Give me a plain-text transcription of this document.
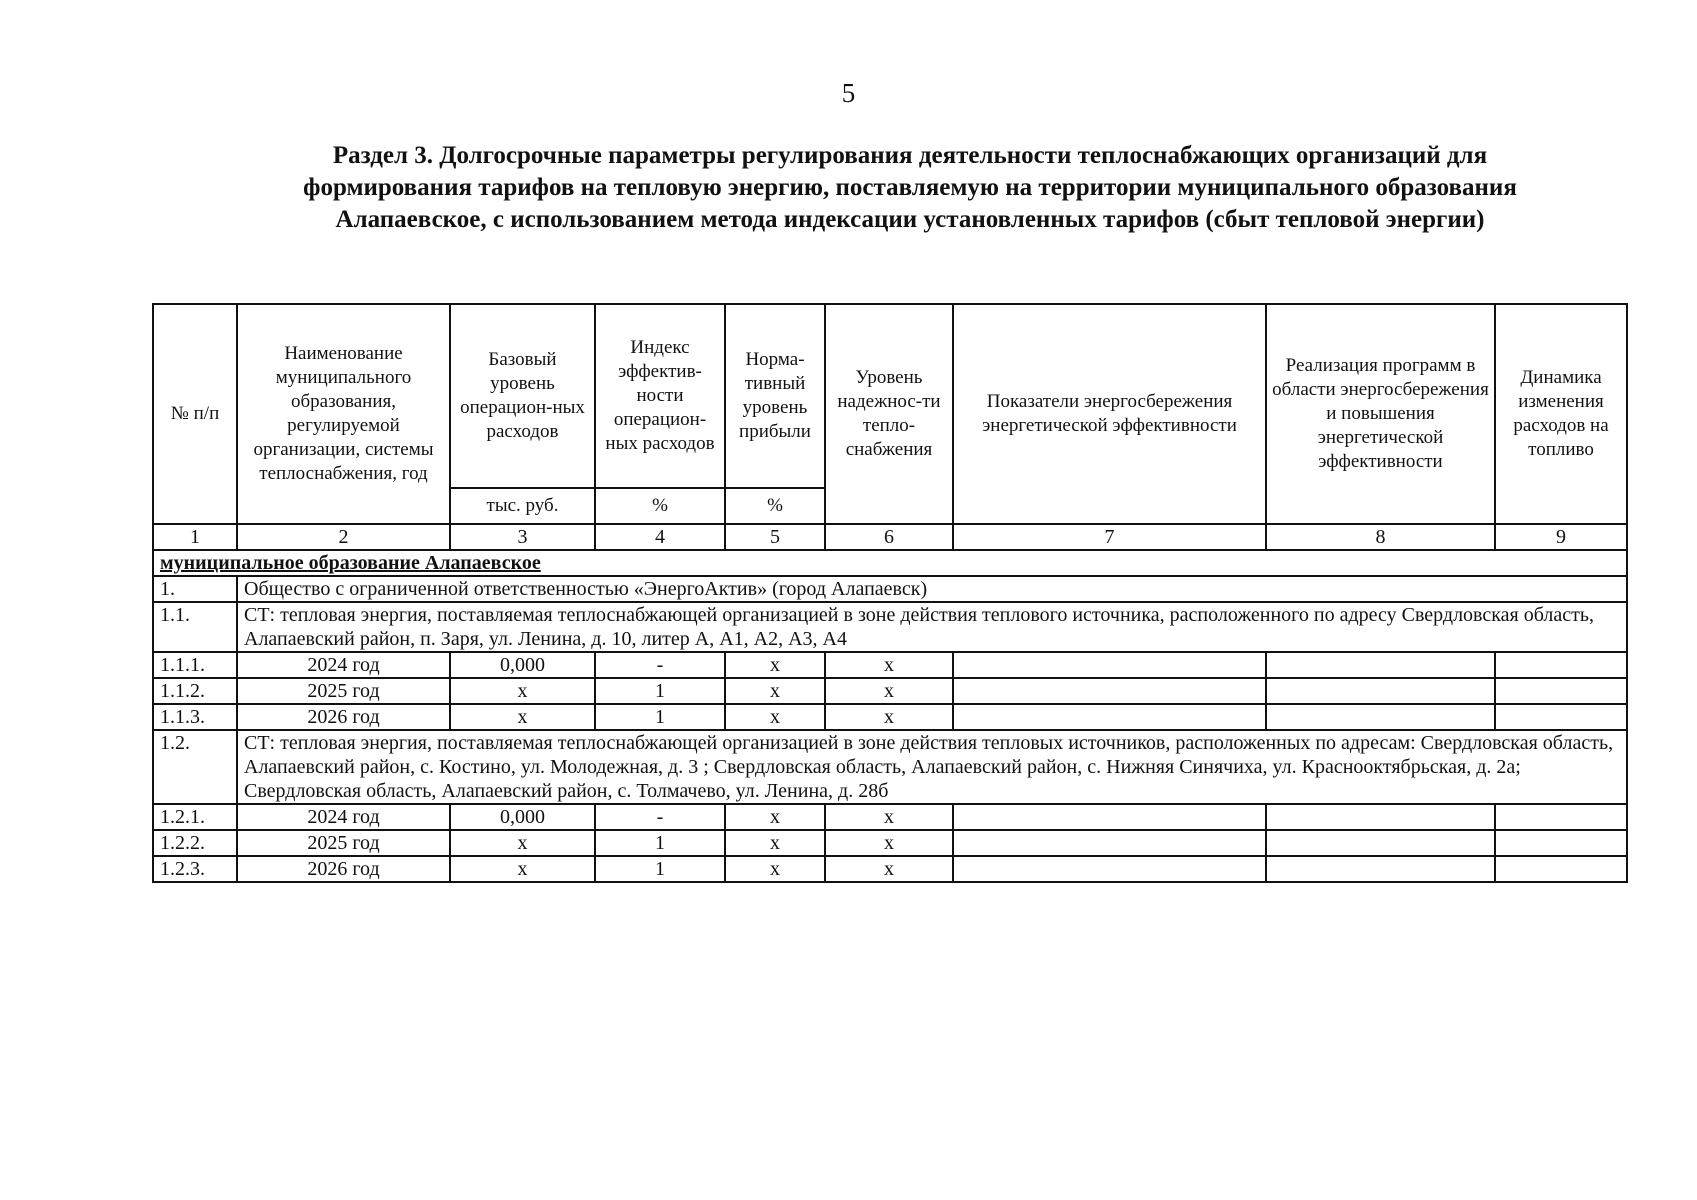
5
Раздел 3. Долгосрочные параметры регулирования деятельности теплоснабжающих организаций для
формирования тарифов на тепловую энергию, поставляемую на территории муниципального образования
Алапаевское, с использованием метода индексации установленных тарифов (сбыт тепловой энергии)
№ п/п	Наименование муниципального образования, регулируемой организации, системы теплоснабжения, год	Базовый уровень операцион-ных расходов	Индекс эффектив-ности операцион-ных расходов	Норма-тивный уровень прибыли	Уровень надежнос-ти тепло-снабжения	Показатели энергосбережения энергетической эффективности	Реализация программ в области энергосбережения и повышения энергетической эффективности	Динамика изменения расходов на топливо
		тыс. руб.	%	%				
1	2	3	4	5	6	7	8	9
муниципальное образование Алапаевское								
1.	Общество с ограниченной ответственностью «ЭнергоАктив» (город Алапаевск)							
1.1.	СТ: тепловая энергия, поставляемая теплоснабжающей организацией в зоне действия теплового источника, расположенного по адресу Свердловская область, Алапаевский район, п. Заря, ул. Ленина, д. 10, литер А, А1, А2, А3, А4							
1.1.1.	2024 год	0,000	-	x	x			
1.1.2.	2025 год	x	1	x	x			
1.1.3.	2026 год	x	1	x	x			
1.2.	СТ: тепловая энергия, поставляемая теплоснабжающей организацией в зоне действия тепловых источников, расположенных по адресам: Свердловская область, Алапаевский район, с. Костино, ул. Молодежная, д. 3 ; Свердловская область, Алапаевский район, с. Нижняя Синячиха, ул. Краснооктябрьская, д. 2а; Свердловская область, Алапаевский район, с. Толмачево, ул. Ленина, д. 28б							
1.2.1.	2024 год	0,000	-	x	x			
1.2.2.	2025 год	x	1	x	x			
1.2.3.	2026 год	x	1	x	x			
